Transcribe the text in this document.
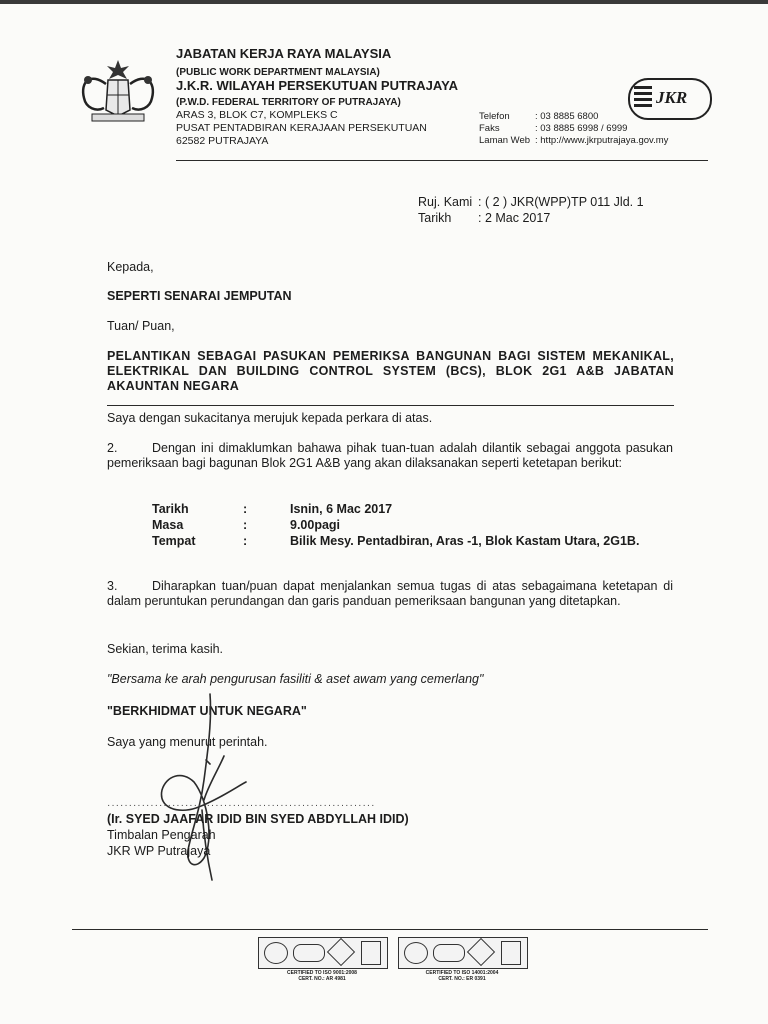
JABATAN KERJA RAYA MALAYSIA
(PUBLIC WORK DEPARTMENT MALAYSIA)
J.K.R. WILAYAH PERSEKUTUAN PUTRAJAYA
(P.W.D. FEDERAL TERRITORY OF PUTRAJAYA)
ARAS 3, BLOK C7, KOMPLEKS C
PUSAT PENTADBIRAN KERAJAAN PERSEKUTUAN
62582 PUTRAJAYA
Telefon	: 03 8885 6800
Faks	: 03 8885 6998 / 6999
Laman Web : http://www.jkrputrajaya.gov.my
JKR
Ruj. Kami : ( 2 ) JKR(WPP)TP 011 Jld. 1
Tarikh : 2 Mac 2017
Kepada,
SEPERTI SENARAI JEMPUTAN
Tuan/ Puan,
PELANTIKAN SEBAGAI PASUKAN PEMERIKSA BANGUNAN BAGI SISTEM MEKANIKAL, ELEKTRIKAL DAN BUILDING CONTROL SYSTEM (BCS), BLOK 2G1 A&B JABATAN AKAUNTAN NEGARA
Saya dengan sukacitanya merujuk kepada perkara di atas.
2.	Dengan ini dimaklumkan bahawa pihak tuan-tuan adalah dilantik sebagai anggota pasukan pemeriksaan bagi bagunan Blok 2G1 A&B yang akan dilaksanakan seperti ketetapan berikut:
Tarikh	:	Isnin, 6 Mac 2017
Masa	:	9.00pagi
Tempat	:	Bilik Mesy. Pentadbiran, Aras -1, Blok Kastam Utara, 2G1B.
3.	Diharapkan tuan/puan dapat menjalankan semua tugas di atas sebagaimana ketetapan di dalam peruntukan perundangan dan garis panduan pemeriksaan bangunan yang ditetapkan.
Sekian, terima kasih.
"Bersama ke arah pengurusan fasiliti & aset awam yang cemerlang"
"BERKHIDMAT UNTUK NEGARA"
Saya yang menurut perintah.
······························································
(Ir. SYED JAAFAR IDID BIN SYED ABDYLLAH IDID)
Timbalan Pengarah
JKR WP Putrajaya
CERTIFIED TO ISO 9001:2008
CERT. NO.: AR 4981
CERTIFIED TO ISO 14001:2004
CERT. NO.: ER 0391
